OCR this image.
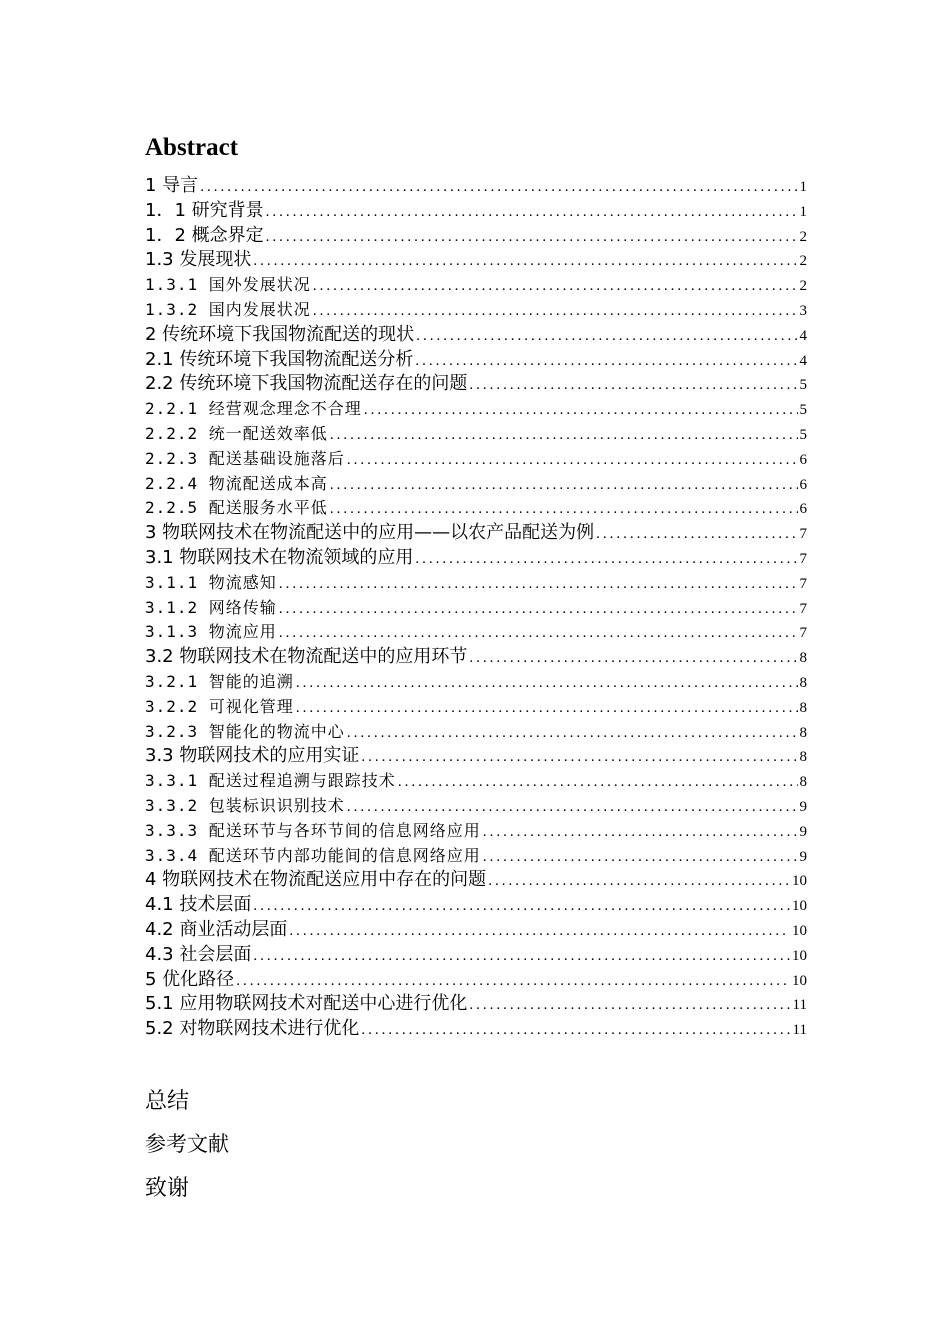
Abstract
1 导言 .....	1
1．1 研究背景 .....	1
1．2 概念界定 .....	2
1.3 发展现状 .....	2
1.3.1 国外发展状况 .....	2
1.3.2 国内发展状况 .....	3
2 传统环境下我国物流配送的现状 .....	4
2.1 传统环境下我国物流配送分析 .....	4
2.2 传统环境下我国物流配送存在的问题 .....	5
2.2.1 经营观念理念不合理 .....	5
2.2.2 统一配送效率低 .....	5
2.2.3 配送基础设施落后 .....	6
2.2.4 物流配送成本高 .....	6
2.2.5 配送服务水平低 .....	6
3 物联网技术在物流配送中的应用——以农产品配送为例 .....	7
3.1 物联网技术在物流领域的应用 .....	7
3.1.1 物流感知 .....	7
3.1.2 网络传输 .....	7
3.1.3 物流应用 .....	7
3.2 物联网技术在物流配送中的应用环节 .....	8
3.2.1 智能的追溯 .....	8
3.2.2 可视化管理 .....	8
3.2.3 智能化的物流中心 .....	8
3.3 物联网技术的应用实证 .....	8
3.3.1 配送过程追溯与跟踪技术 .....	8
3.3.2 包装标识识别技术 .....	9
3.3.3 配送环节与各环节间的信息网络应用 .....	9
3.3.4 配送环节内部功能间的信息网络应用 .....	9
4 物联网技术在物流配送应用中存在的问题 .....	10
4.1 技术层面 .....	10
4.2 商业活动层面 .....	10
4.3 社会层面 .....	10
5 优化路径 .....	10
5.1 应用物联网技术对配送中心进行优化 .....	11
5.2 对物联网技术进行优化 .....	11
总结
参考文献
致谢
